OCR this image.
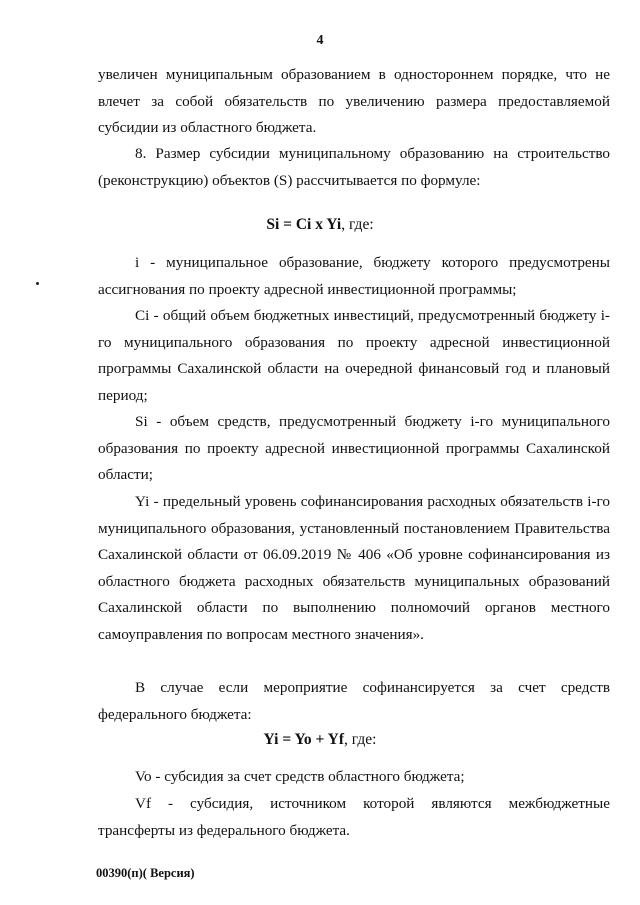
4

увеличен муниципальным образованием в одностороннем порядке, что не влечет за собой обязательств по увеличению размера предоставляемой субсидии из областного бюджета.

8. Размер субсидии муниципальному образованию на строительство (реконструкцию) объектов (S) рассчитывается по формуле:

Si = Ci x Yi, где:

i - муниципальное образование, бюджету которого предусмотрены ассигнования по проекту адресной инвестиционной программы;

Ci - общий объем бюджетных инвестиций, предусмотренный бюджету i-го муниципального образования по проекту адресной инвестиционной программы Сахалинской области на очередной финансовый год и плановый период;

Si - объем средств, предусмотренный бюджету i-го муниципального образования по проекту адресной инвестиционной программы Сахалинской области;

Yi - предельный уровень софинансирования расходных обязательств i-го муниципального образования, установленный постановлением Правительства Сахалинской области от 06.09.2019 № 406 «Об уровне софинансирования из областного бюджета расходных обязательств муниципальных образований Сахалинской области по выполнению полномочий органов местного самоуправления по вопросам местного значения».

В случае если мероприятие софинансируется за счет средств федерального бюджета:

Yi = Yo + Yf, где:

Vo - субсидия за счет средств областного бюджета;

Vf - субсидия, источником которой являются межбюджетные трансферты из федерального бюджета.

00390(п)( Версия)
